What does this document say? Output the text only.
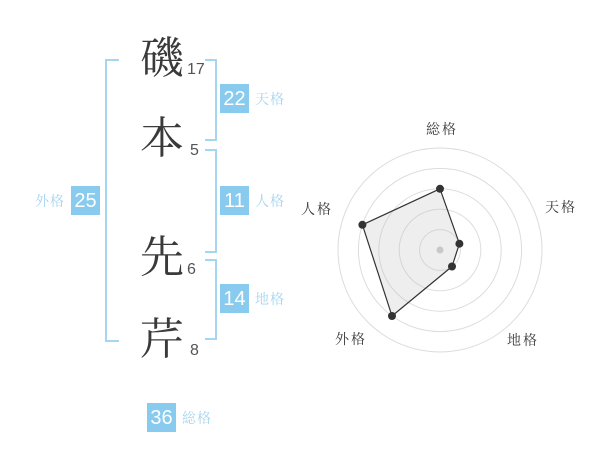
磯 17
本 5
先 6
芹 8
22 天格
11 人格
14 地格
外格 25
36 総格
総格
天格
地格
外格
人格
